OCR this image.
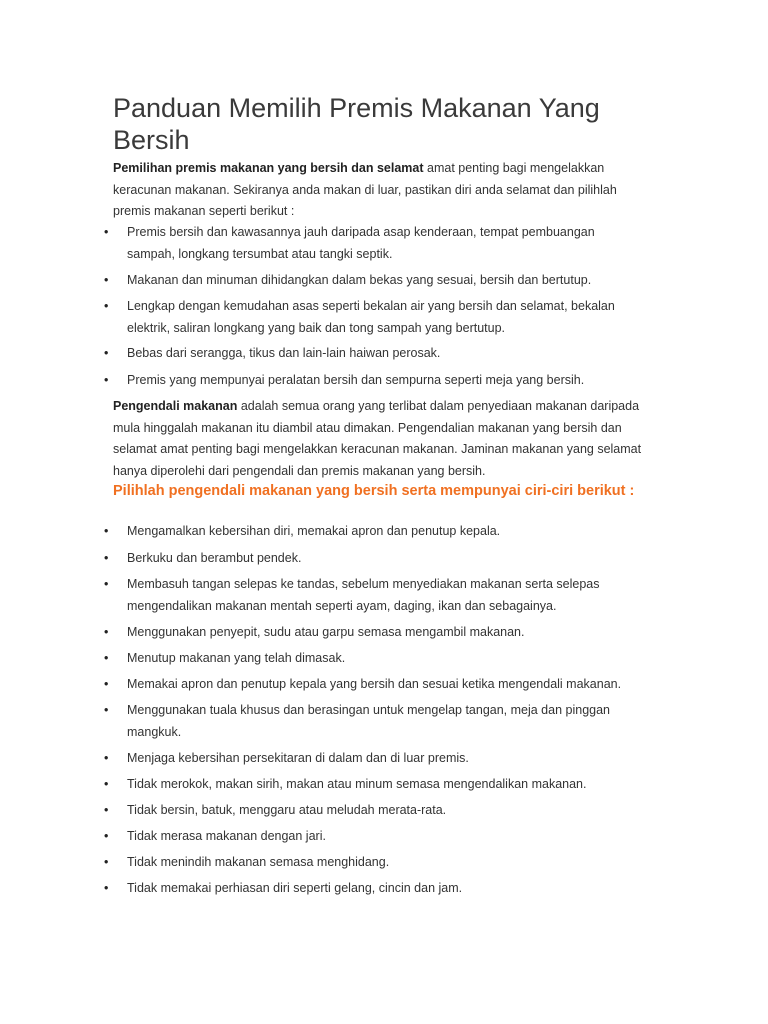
Panduan Memilih Premis Makanan Yang Bersih

Pemilihan premis makanan yang bersih dan selamat amat penting bagi mengelakkan keracunan makanan. Sekiranya anda makan di luar, pastikan diri anda selamat dan pilihlah premis makanan seperti berikut :

• Premis bersih dan kawasannya jauh daripada asap kenderaan, tempat pembuangan sampah, longkang tersumbat atau tangki septik.
• Makanan dan minuman dihidangkan dalam bekas yang sesuai, bersih dan bertutup.
• Lengkap dengan kemudahan asas seperti bekalan air yang bersih dan selamat, bekalan elektrik, saliran longkang yang baik dan tong sampah yang bertutup.
• Bebas dari serangga, tikus dan lain-lain haiwan perosak.
• Premis yang mempunyai peralatan bersih dan sempurna seperti meja yang bersih.

Pengendali makanan adalah semua orang yang terlibat dalam penyediaan makanan daripada mula hinggalah makanan itu diambil atau dimakan. Pengendalian makanan yang bersih dan selamat amat penting bagi mengelakkan keracunan makanan. Jaminan makanan yang selamat hanya diperolehi dari pengendali dan premis makanan yang bersih.

Pilihlah pengendali makanan yang bersih serta mempunyai ciri-ciri berikut :
• Mengamalkan kebersihan diri, memakai apron dan penutup kepala.
• Berkuku dan berambut pendek.
• Membasuh tangan selepas ke tandas, sebelum menyediakan makanan serta selepas mengendalikan makanan mentah seperti ayam, daging, ikan dan sebagainya.
• Menggunakan penyepit, sudu atau garpu semasa mengambil makanan.
• Menutup makanan yang telah dimasak.
• Memakai apron dan penutup kepala yang bersih dan sesuai ketika mengendali makanan.
• Menggunakan tuala khusus dan berasingan untuk mengelap tangan, meja dan pinggan mangkuk.
• Menjaga kebersihan persekitaran di dalam dan di luar premis.
• Tidak merokok, makan sirih, makan atau minum semasa mengendalikan makanan.
• Tidak bersin, batuk, menggaru atau meludah merata-rata.
• Tidak merasa makanan dengan jari.
• Tidak menindih makanan semasa menghidang.
• Tidak memakai perhiasan diri seperti gelang, cincin dan jam.
